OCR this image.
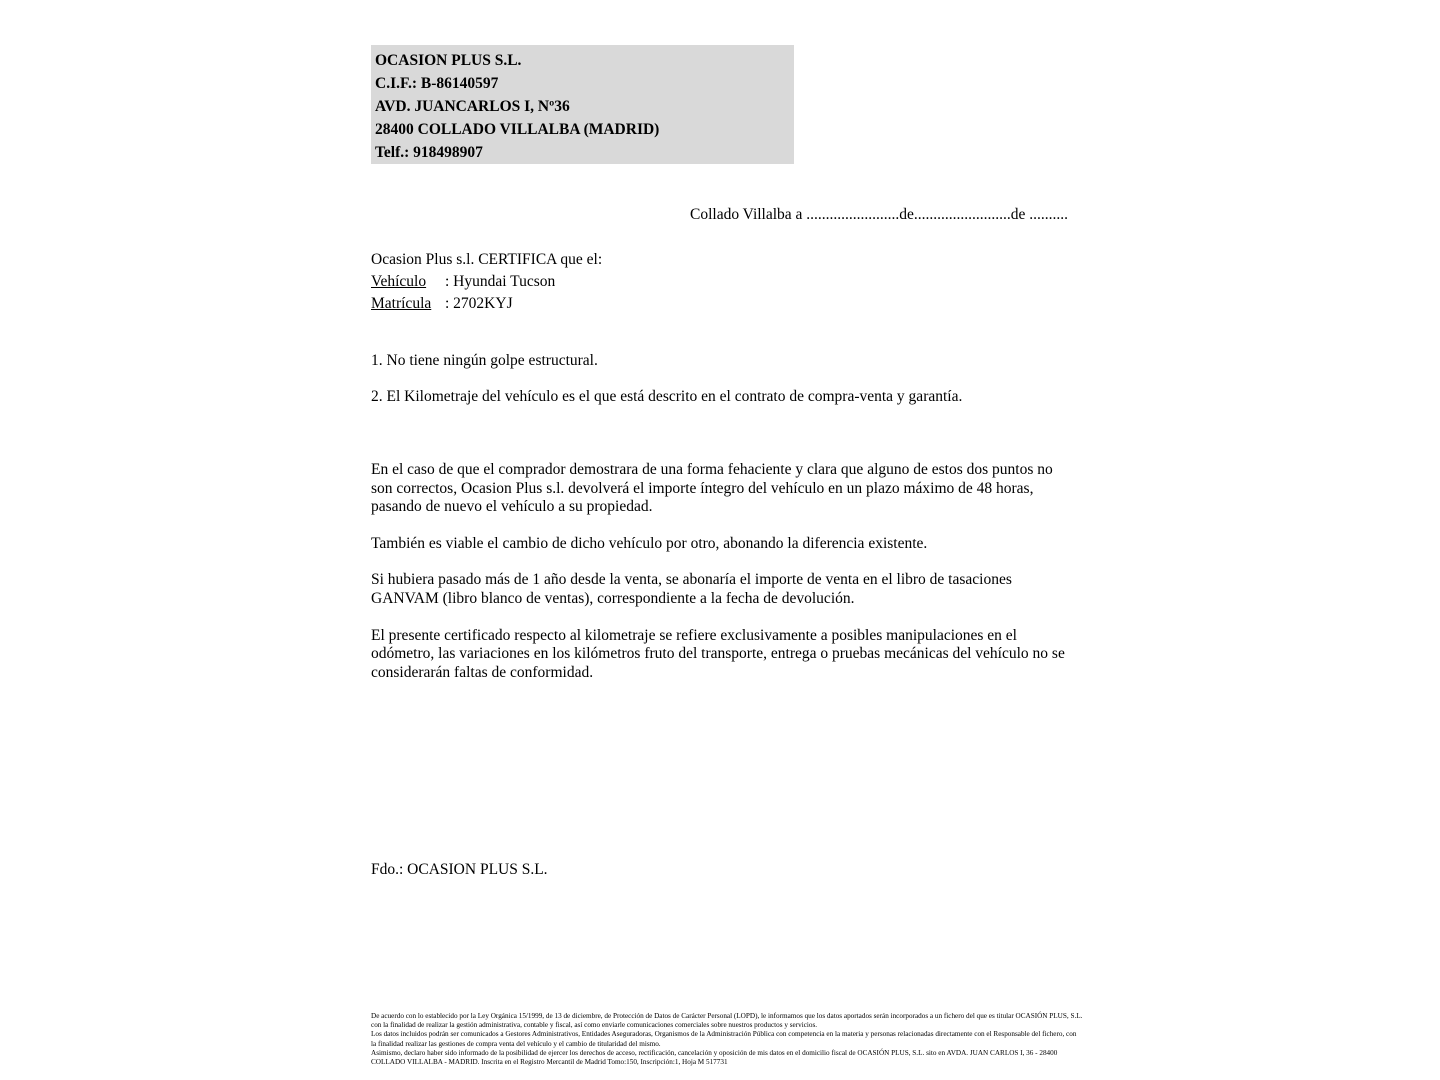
OCASION PLUS S.L.
C.I.F.: B-86140597
AVD. JUANCARLOS I, Nº36
28400 COLLADO VILLALBA (MADRID)
Telf.: 918498907
Collado Villalba a ........................de.........................de ..........
Ocasion Plus s.l. CERTIFICA que el:
Vehículo : Hyundai Tucson
Matrícula : 2702KYJ
1. No tiene ningún golpe estructural.
2. El Kilometraje del vehículo es el que está descrito en el contrato de compra-venta y garantía.

En el caso de que el comprador demostrara de una forma fehaciente y clara que alguno de estos dos puntos no son correctos, Ocasion Plus s.l. devolverá el importe íntegro del vehículo en un plazo máximo de 48 horas, pasando de nuevo el vehículo a su propiedad.

También es viable el cambio de dicho vehículo por otro, abonando la diferencia existente.

Si hubiera pasado más de 1 año desde la venta, se abonaría el importe de venta en el libro de tasaciones GANVAM (libro blanco de ventas), correspondiente a la fecha de devolución.

El presente certificado respecto al kilometraje se refiere exclusivamente a posibles manipulaciones en el odómetro, las variaciones en los kilómetros fruto del transporte, entrega o pruebas mecánicas del vehículo no se considerarán faltas de conformidad.

Fdo.: OCASION PLUS S.L.
De acuerdo con lo establecido por la Ley Orgánica 15/1999, de 13 de diciembre, de Protección de Datos de Carácter Personal (LOPD), le informamos que los datos aportados serán incorporados a un fichero del que es titular OCASIÓN PLUS, S.L. con la finalidad de realizar la gestión administrativa, contable y fiscal, así como enviarle comunicaciones comerciales sobre nuestros productos y servicios.
Los datos incluidos podrán ser comunicados a Gestores Administrativos, Entidades Aseguradoras, Organismos de la Administración Pública con competencia en la materia y personas relacionadas directamente con el Responsable del fichero, con la finalidad realizar las gestiones de compra venta del vehículo y el cambio de titularidad del mismo.
Asimismo, declaro haber sido informado de la posibilidad de ejercer los derechos de acceso, rectificación, cancelación y oposición de mis datos en el domicilio fiscal de OCASIÓN PLUS, S.L. sito en AVDA. JUAN CARLOS I, 36 - 28400 COLLADO VILLALBA - MADRID. Inscrita en el Registro Mercantil de Madrid Tomo:150, Inscripción:1, Hoja M 517731
